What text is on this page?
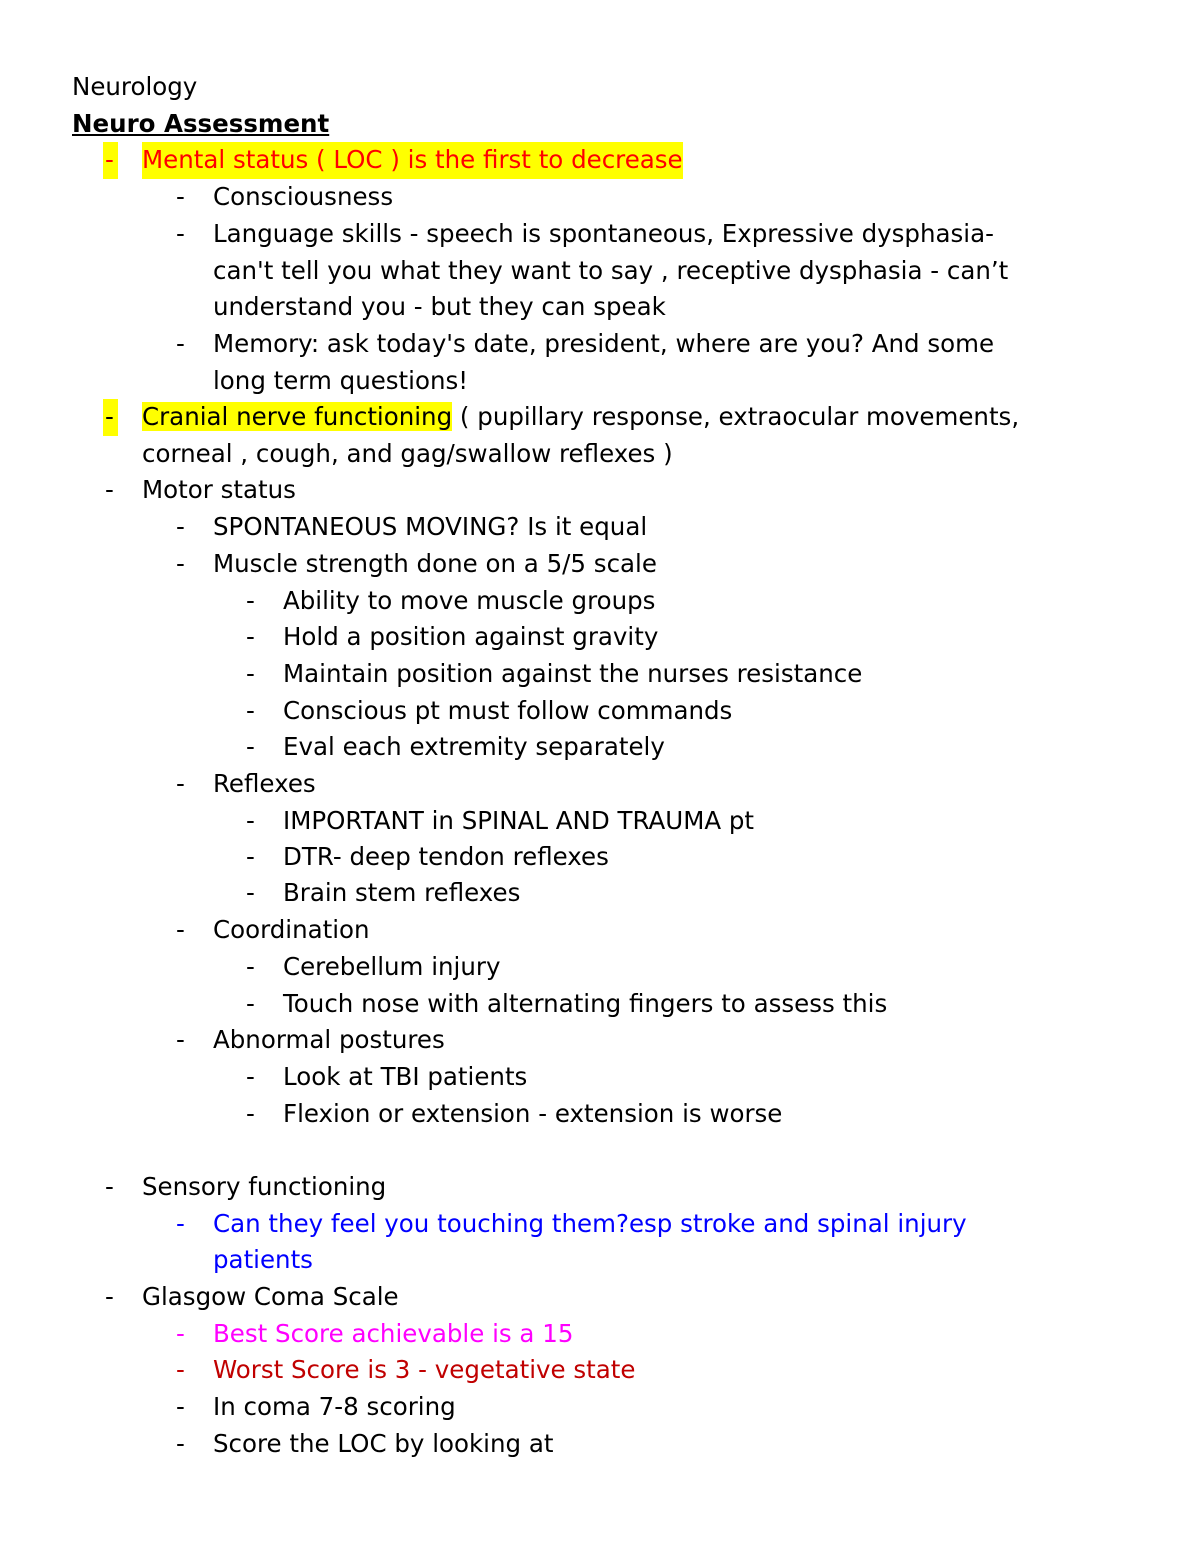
Neurology
Neuro Assessment
- Mental status ( LOC ) is the first to decrease
- Consciousness
- Language skills - speech is spontaneous, Expressive dysphasia-
can't tell you what they want to say , receptive dysphasia - can’t
understand you - but they can speak
- Memory: ask today's date, president, where are you? And some
long term questions!
- Cranial nerve functioning ( pupillary response, extraocular movements,
corneal , cough, and gag/swallow reflexes )
- Motor status
- SPONTANEOUS MOVING? Is it equal
- Muscle strength done on a 5/5 scale
- Ability to move muscle groups
- Hold a position against gravity
- Maintain position against the nurses resistance
- Conscious pt must follow commands
- Eval each extremity separately
- Reflexes
- IMPORTANT in SPINAL AND TRAUMA pt
- DTR- deep tendon reflexes
- Brain stem reflexes
- Coordination
- Cerebellum injury
- Touch nose with alternating fingers to assess this
- Abnormal postures
- Look at TBI patients
- Flexion or extension - extension is worse
- Sensory functioning
- Can they feel you touching them?esp stroke and spinal injury
patients
- Glasgow Coma Scale
- Best Score achievable is a 15
- Worst Score is 3 - vegetative state
- In coma 7-8 scoring
- Score the LOC by looking at
